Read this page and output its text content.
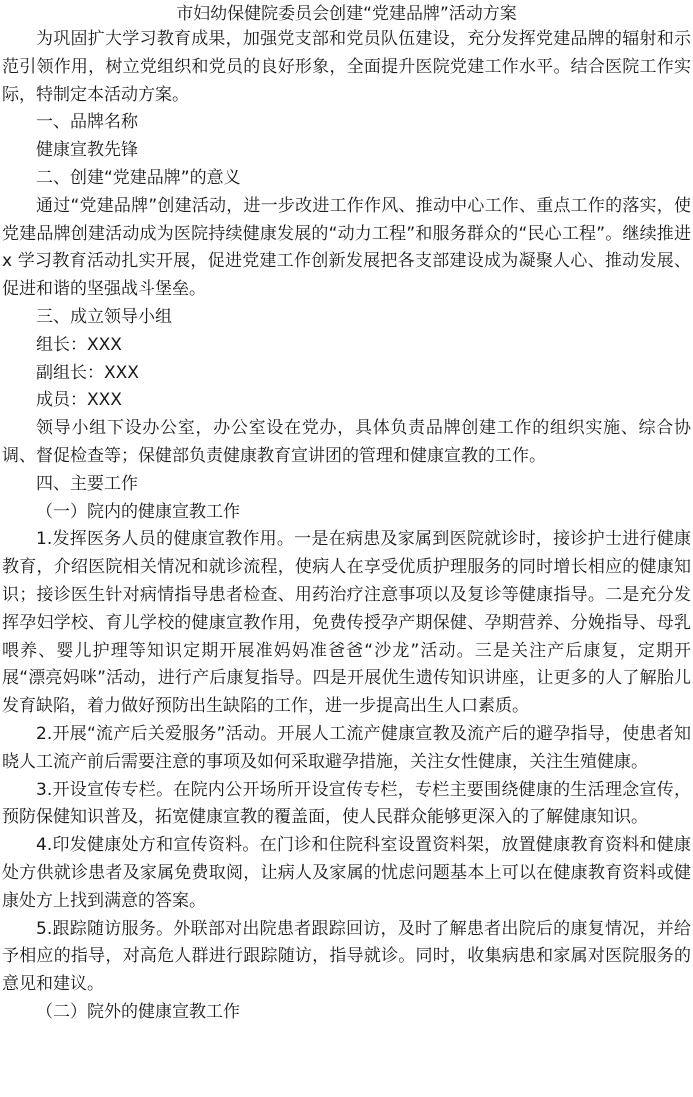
市妇幼保健院委员会创建“党建品牌”活动方案

为巩固扩大学习教育成果，加强党支部和党员队伍建设，充分发挥党建品牌的辐射和示范引领作用，树立党组织和党员的良好形象，全面提升医院党建工作水平。结合医院工作实际，特制定本活动方案。

一、品牌名称

健康宣教先锋

二、创建“党建品牌”的意义

通过“党建品牌”创建活动，进一步改进工作作风、推动中心工作、重点工作的落实，使党建品牌创建活动成为医院持续健康发展的“动力工程”和服务群众的“民心工程”。继续推进 x 学习教育活动扎实开展，促进党建工作创新发展把各支部建设成为凝聚人心、推动发展、促进和谐的坚强战斗堡垒。

三、成立领导小组

组长：XXX

副组长：XXX

成员：XXX

领导小组下设办公室，办公室设在党办，具体负责品牌创建工作的组织实施、综合协调、督促检查等；保健部负责健康教育宣讲团的管理和健康宣教的工作。

四、主要工作

（一）院内的健康宣教工作

1.发挥医务人员的健康宣教作用。一是在病患及家属到医院就诊时，接诊护士进行健康教育，介绍医院相关情况和就诊流程，使病人在享受优质护理服务的同时增长相应的健康知识；接诊医生针对病情指导患者检查、用药治疗注意事项以及复诊等健康指导。二是充分发挥孕妇学校、育儿学校的健康宣教作用，免费传授孕产期保健、孕期营养、分娩指导、母乳喂养、婴儿护理等知识定期开展准妈妈准爸爸“沙龙”活动。三是关注产后康复，定期开展“漂亮妈咪”活动，进行产后康复指导。四是开展优生遗传知识讲座，让更多的人了解胎儿发育缺陷，着力做好预防出生缺陷的工作，进一步提高出生人口素质。

2.开展“流产后关爱服务”活动。开展人工流产健康宣教及流产后的避孕指导，使患者知晓人工流产前后需要注意的事项及如何采取避孕措施，关注女性健康，关注生殖健康。

3.开设宣传专栏。在院内公开场所开设宣传专栏，专栏主要围绕健康的生活理念宣传，预防保健知识普及，拓宽健康宣教的覆盖面，使人民群众能够更深入的了解健康知识。

4.印发健康处方和宣传资料。在门诊和住院科室设置资料架，放置健康教育资料和健康处方供就诊患者及家属免费取阅，让病人及家属的忧虑问题基本上可以在健康教育资料或健康处方上找到满意的答案。

5.跟踪随访服务。外联部对出院患者跟踪回访，及时了解患者出院后的康复情况，并给予相应的指导，对高危人群进行跟踪随访，指导就诊。同时，收集病患和家属对医院服务的意见和建议。

（二）院外的健康宣教工作
